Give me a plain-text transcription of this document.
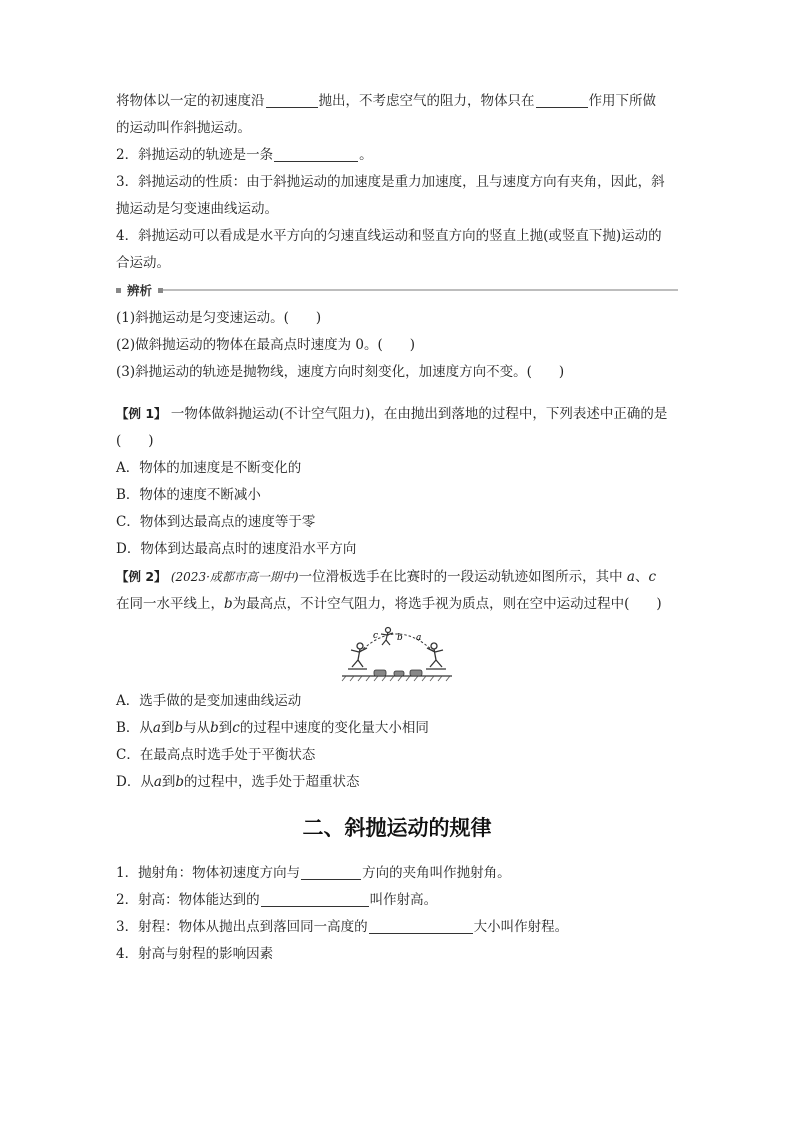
将物体以一定的初速度沿	抛出，不考虑空气的阻力，物体只在	作用下所做
的运动叫作斜抛运动。
2．斜抛运动的轨迹是一条	。
3．斜抛运动的性质：由于斜抛运动的加速度是重力加速度，且与速度方向有夹角，因此，斜
抛运动是匀变速曲线运动。
4．斜抛运动可以看成是水平方向的匀速直线运动和竖直方向的竖直上抛(或竖直下抛)运动的
合运动。
辨析
(1)斜抛运动是匀变速运动。(　　)
(2)做斜抛运动的物体在最高点时速度为 0。(　　)
(3)斜抛运动的轨迹是抛物线，速度方向时刻变化，加速度方向不变。(　　)
【例 1】 一物体做斜抛运动(不计空气阻力)，在由抛出到落地的过程中，下列表述中正确的是
(　　)
A．物体的加速度是不断变化的
B．物体的速度不断减小
C．物体到达最高点的速度等于零
D．物体到达最高点时的速度沿水平方向
【例 2】 (2023·成都市高一期中)一位滑板选手在比赛时的一段运动轨迹如图所示，其中 a、c
在同一水平线上，b为最高点，不计空气阻力，将选手视为质点，则在空中运动过程中(　　)
c b a
A．选手做的是变加速曲线运动
B．从a到b与从b到c的过程中速度的变化量大小相同
C．在最高点时选手处于平衡状态
D．从a到b的过程中，选手处于超重状态
二、斜抛运动的规律
1．抛射角：物体初速度方向与	方向的夹角叫作抛射角。
2．射高：物体能达到的	叫作射高。
3．射程：物体从抛出点到落回同一高度的	大小叫作射程。
4．射高与射程的影响因素
